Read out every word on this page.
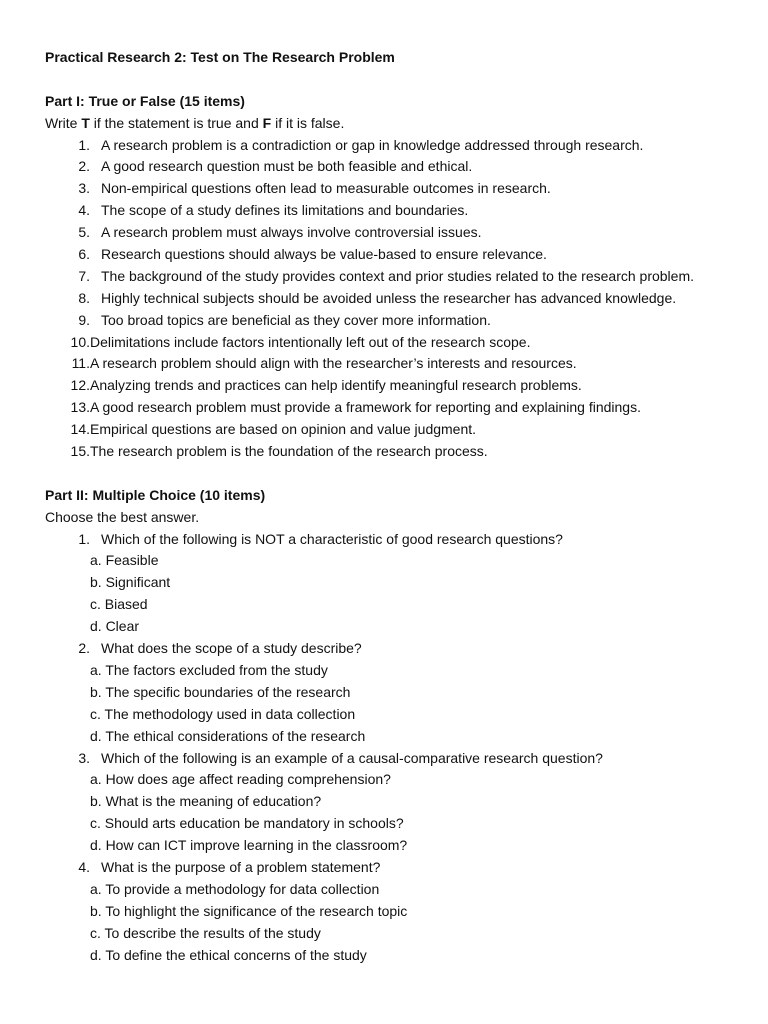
Practical Research 2: Test on The Research Problem
Part I: True or False (15 items)
Write T if the statement is true and F if it is false.
1. A research problem is a contradiction or gap in knowledge addressed through research.
2. A good research question must be both feasible and ethical.
3. Non-empirical questions often lead to measurable outcomes in research.
4. The scope of a study defines its limitations and boundaries.
5. A research problem must always involve controversial issues.
6. Research questions should always be value-based to ensure relevance.
7. The background of the study provides context and prior studies related to the research problem.
8. Highly technical subjects should be avoided unless the researcher has advanced knowledge.
9. Too broad topics are beneficial as they cover more information.
10. Delimitations include factors intentionally left out of the research scope.
11. A research problem should align with the researcher’s interests and resources.
12. Analyzing trends and practices can help identify meaningful research problems.
13. A good research problem must provide a framework for reporting and explaining findings.
14. Empirical questions are based on opinion and value judgment.
15. The research problem is the foundation of the research process.
Part II: Multiple Choice (10 items)
Choose the best answer.
1. Which of the following is NOT a characteristic of good research questions?
a. Feasible
b. Significant
c. Biased
d. Clear
2. What does the scope of a study describe?
a. The factors excluded from the study
b. The specific boundaries of the research
c. The methodology used in data collection
d. The ethical considerations of the research
3. Which of the following is an example of a causal-comparative research question?
a. How does age affect reading comprehension?
b. What is the meaning of education?
c. Should arts education be mandatory in schools?
d. How can ICT improve learning in the classroom?
4. What is the purpose of a problem statement?
a. To provide a methodology for data collection
b. To highlight the significance of the research topic
c. To describe the results of the study
d. To define the ethical concerns of the study
